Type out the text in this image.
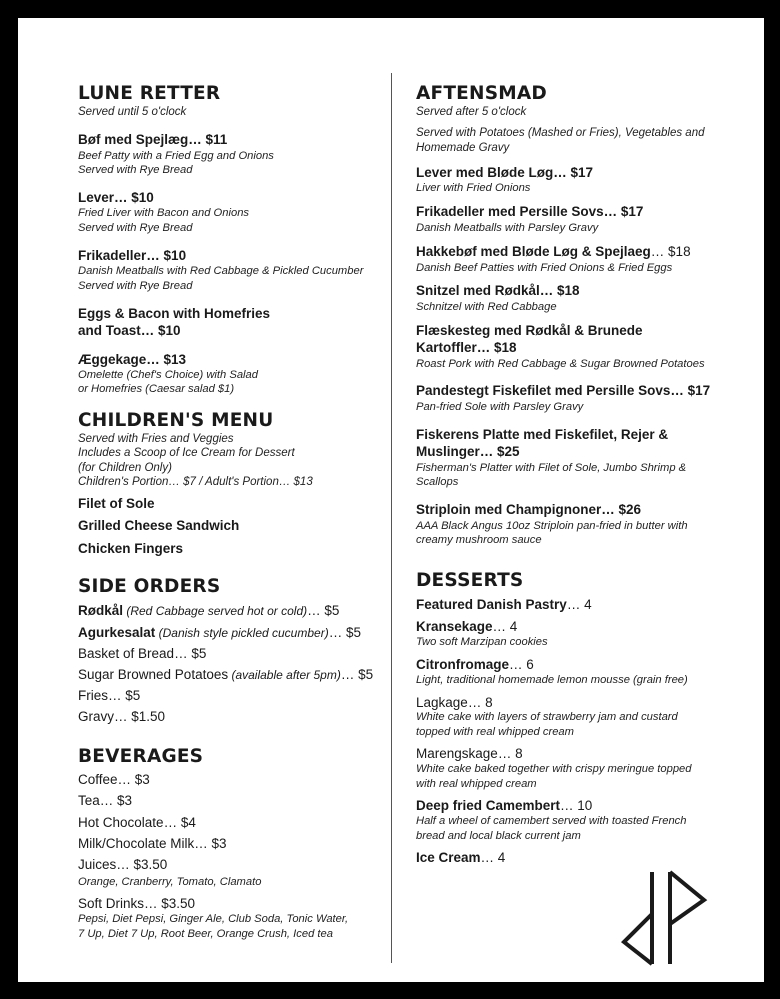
LUNE RETTER
Served until 5 o'clock
Bøf med Spejlæg… $11
Beef Patty with a Fried Egg and Onions
Served with Rye Bread
Lever… $10
Fried Liver with Bacon and Onions
Served with Rye Bread
Frikadeller… $10
Danish Meatballs with Red Cabbage & Pickled Cucumber
Served with Rye Bread
Eggs & Bacon with Homefries
and Toast… $10
Æggekage… $13
Omelette (Chef's Choice) with Salad
or Homefries (Caesar salad $1)
CHILDREN'S MENU
Served with Fries and Veggies
Includes a Scoop of Ice Cream for Dessert
(for Children Only)
Children's Portion… $7 / Adult's Portion… $13
Filet of Sole
Grilled Cheese Sandwich
Chicken Fingers
SIDE ORDERS
Rødkål (Red Cabbage served hot or cold)… $5
Agurkesalat (Danish style pickled cucumber)… $5
Basket of Bread… $5
Sugar Browned Potatoes (available after 5pm)… $5
Fries… $5
Gravy… $1.50
BEVERAGES
Coffee… $3
Tea… $3
Hot Chocolate… $4
Milk/Chocolate Milk… $3
Juices… $3.50
Orange, Cranberry, Tomato, Clamato
Soft Drinks… $3.50
Pepsi, Diet Pepsi, Ginger Ale, Club Soda, Tonic Water,
7 Up, Diet 7 Up, Root Beer, Orange Crush, Iced tea
AFTENSMAD
Served after 5 o'clock
Served with Potatoes (Mashed or Fries), Vegetables and
Homemade Gravy
Lever med Bløde Løg… $17
Liver with Fried Onions
Frikadeller med Persille Sovs… $17
Danish Meatballs with Parsley Gravy
Hakkebøf med Bløde Løg & Spejlaeg… $18
Danish Beef Patties with Fried Onions & Fried Eggs
Snitzel med Rødkål… $18
Schnitzel with Red Cabbage
Flæskesteg med Rødkål & Brunede
Kartoffler… $18
Roast Pork with Red Cabbage & Sugar Browned Potatoes
Pandestegt Fiskefilet med Persille Sovs… $17
Pan-fried Sole with Parsley Gravy
Fiskerens Platte med Fiskefilet, Rejer &
Muslinger… $25
Fisherman's Platter with Filet of Sole, Jumbo Shrimp &
Scallops
Striploin med Champignoner… $26
AAA Black Angus 10oz Striploin pan-fried in butter with
creamy mushroom sauce
DESSERTS
Featured Danish Pastry… 4
Kransekage… 4
Two soft Marzipan cookies
Citronfromage… 6
Light, traditional homemade lemon mousse (grain free)
Lagkage… 8
White cake with layers of strawberry jam and custard
topped with real whipped cream
Marengskage… 8
White cake baked together with crispy meringue topped
with real whipped cream
Deep fried Camembert… 10
Half a wheel of camembert served with toasted French
bread and local black current jam
Ice Cream… 4
